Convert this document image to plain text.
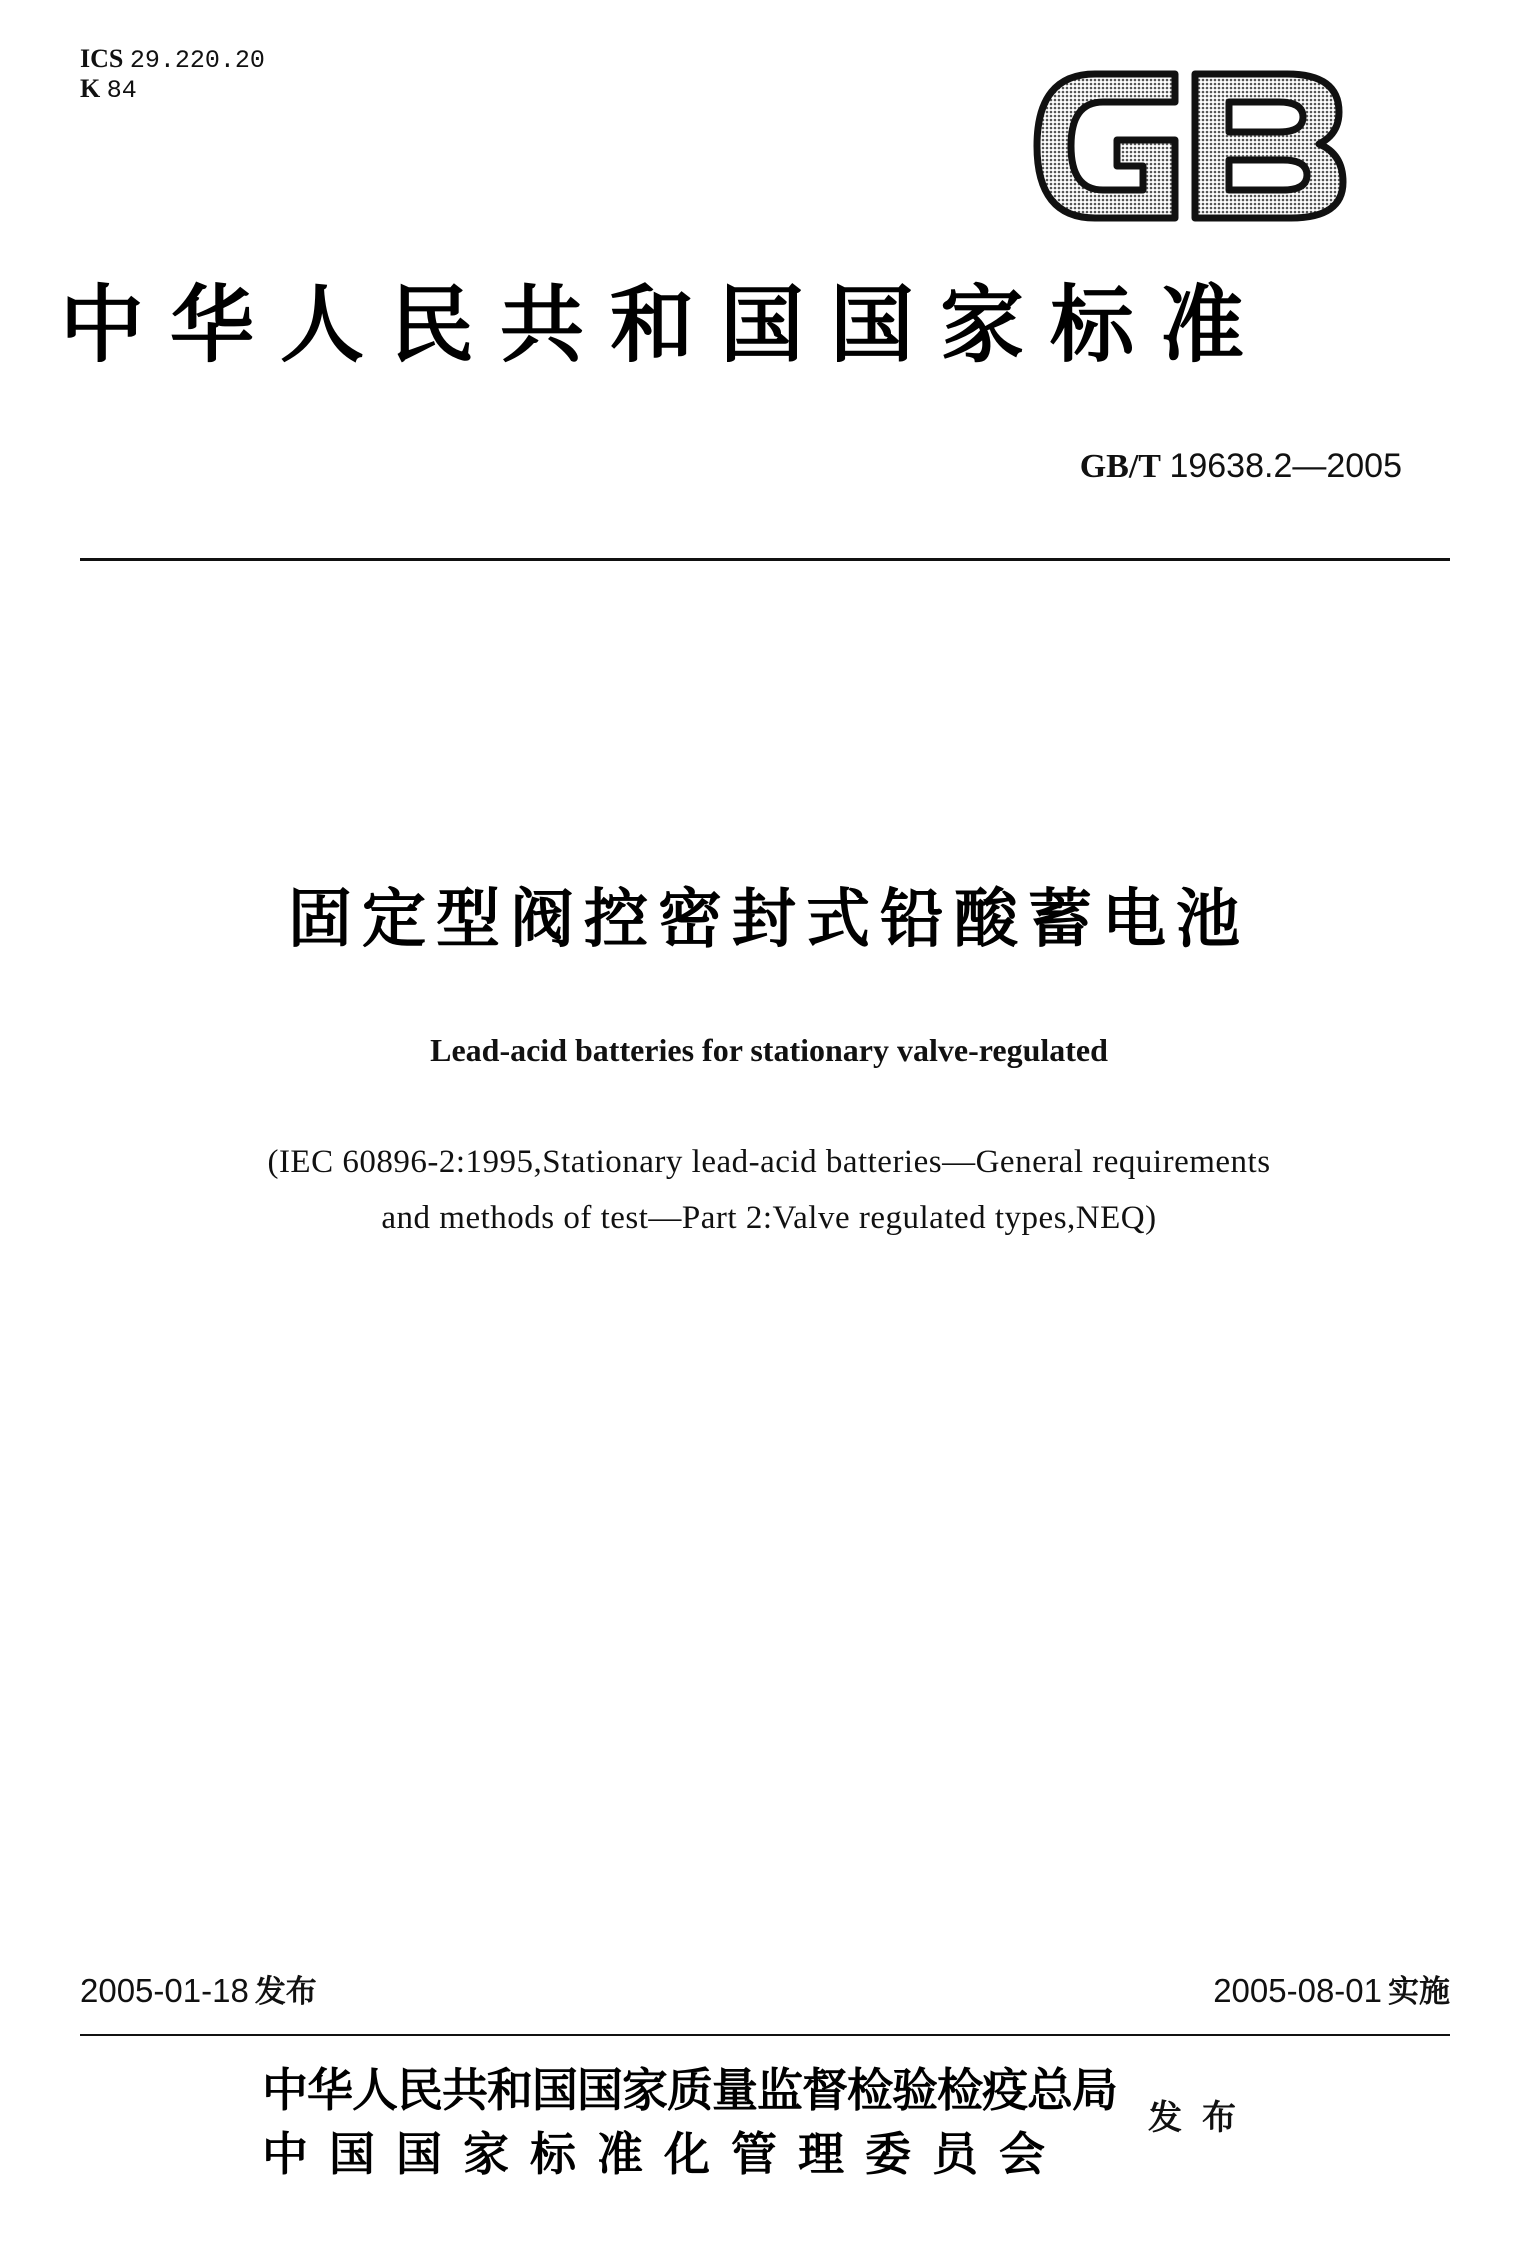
ICS 29.220.20
K 84
中华人民共和国国家标准
GB/T 19638.2—2005
固定型阀控密封式铅酸蓄电池
Lead-acid batteries for stationary valve-regulated
(IEC 60896-2:1995,Stationary lead-acid batteries—General requirements
and methods of test—Part 2:Valve regulated types,NEQ)
2005-01-18 发布	2005-08-01 实施
中华人民共和国国家质量监督检验检疫总局
中国国家标准化管理委员会
发布
